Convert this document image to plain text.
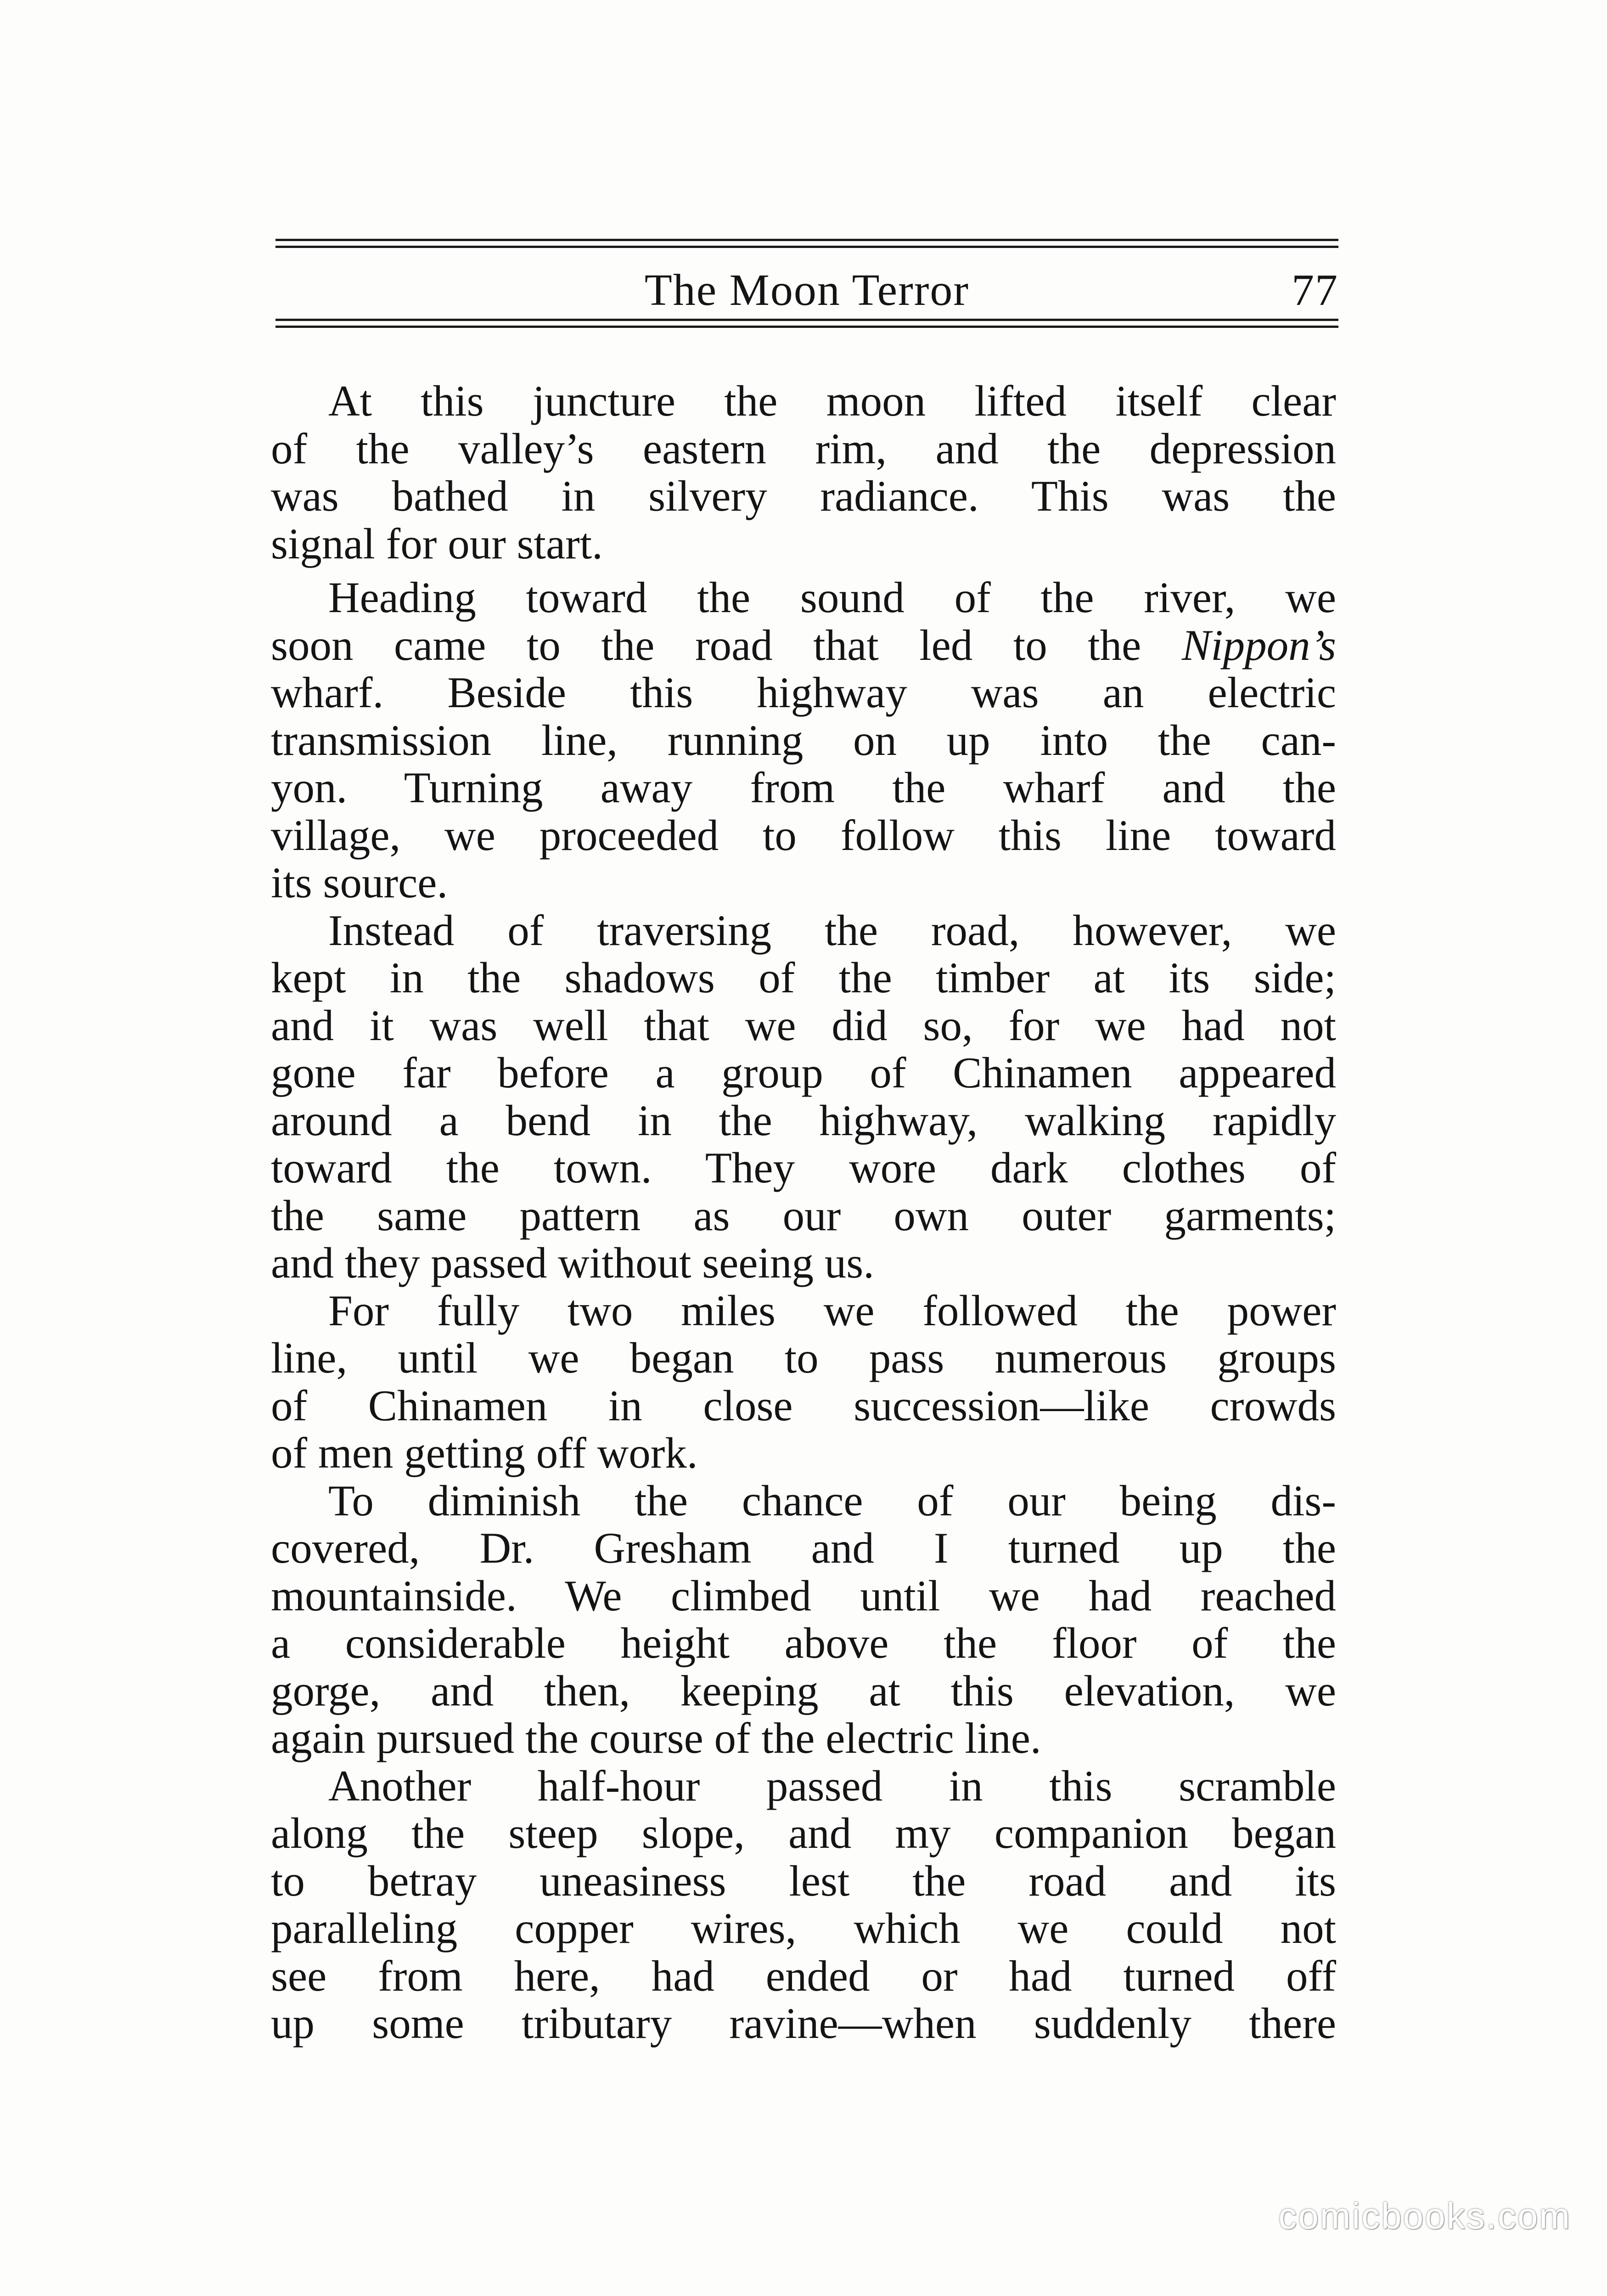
The Moon Terror	77
At this juncture the moon lifted itself clear
of the valley’s eastern rim, and the depression
was bathed in silvery radiance. This was the
signal for our start.
Heading toward the sound of the river, we
soon came to the road that led to the Nippon’s
wharf. Beside this highway was an electric
transmission line, running on up into the can-
yon. Turning away from the wharf and the
village, we proceeded to follow this line toward
its source.
Instead of traversing the road, however, we
kept in the shadows of the timber at its side;
and it was well that we did so, for we had not
gone far before a group of Chinamen appeared
around a bend in the highway, walking rapidly
toward the town. They wore dark clothes of
the same pattern as our own outer garments;
and they passed without seeing us.
For fully two miles we followed the power
line, until we began to pass numerous groups
of Chinamen in close succession—like crowds
of men getting off work.
To diminish the chance of our being dis-
covered, Dr. Gresham and I turned up the
mountainside. We climbed until we had reached
a considerable height above the floor of the
gorge, and then, keeping at this elevation, we
again pursued the course of the electric line.
Another half-hour passed in this scramble
along the steep slope, and my companion began
to betray uneasiness lest the road and its
paralleling copper wires, which we could not
see from here, had ended or had turned off
up some tributary ravine—when suddenly there
comicbooks.com
